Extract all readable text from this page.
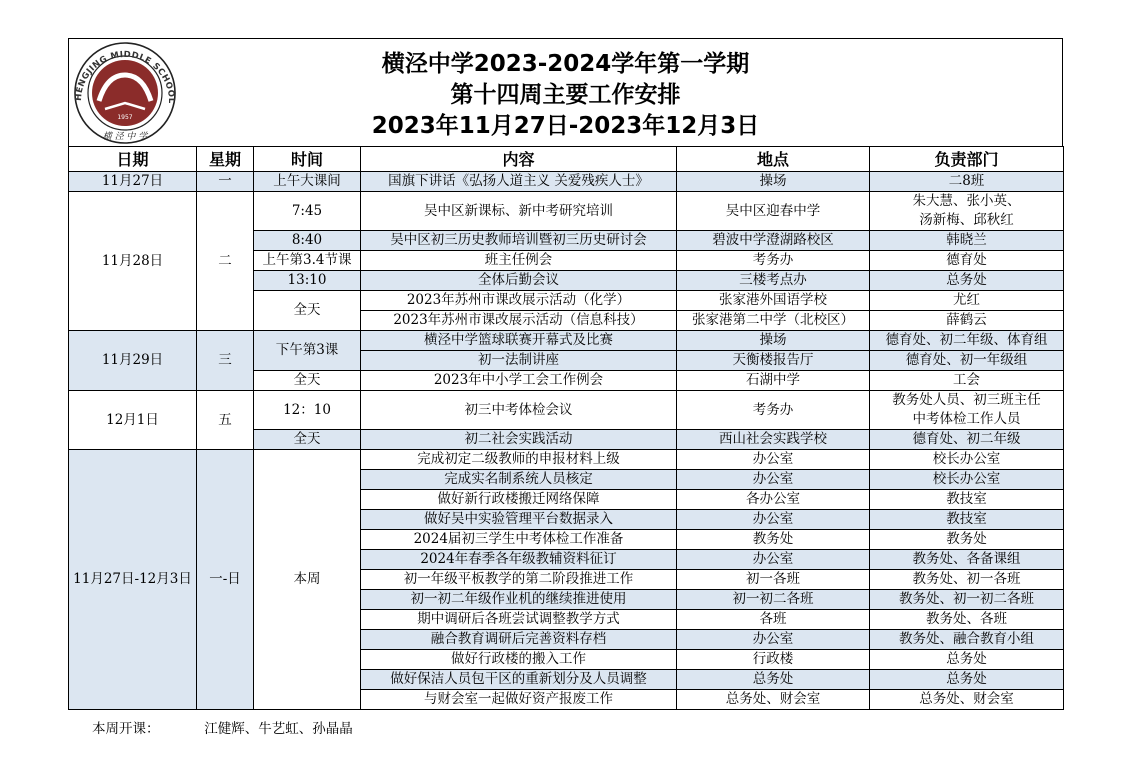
HENGJING MIDDLE SCHOOL
1957
横 泾 中 学
横泾中学2023-2024学年第一学期
第十四周主要工作安排
2023年11月27日-2023年12月3日
日期	星期	时间	内容	地点	负责部门
11月27日	一	上午大课间	国旗下讲话《弘扬人道主义 关爱残疾人士》	操场	二8班
11月28日	二	7:45	吴中区新课标、新中考研究培训	吴中区迎春中学	朱大慧、张小英、
汤新梅、邱秋红

		8:40	吴中区初三历史教师培训暨初三历史研讨会	碧波中学澄湖路校区	韩晓兰
		上午第3.4节课	班主任例会	考务办	德育处
		13:10	全体后勤会议	三楼考点办	总务处
		全天	2023年苏州市课改展示活动（化学）	张家港外国语学校	尤红
			2023年苏州市课改展示活动（信息科技）	张家港第二中学（北校区）	薛鹤云
11月29日	三	下午第3课	横泾中学篮球联赛开幕式及比赛	操场	德育处、初二年级、体育组
			初一法制讲座	天衡楼报告厅	德育处、初一年级组
		全天	2023年中小学工会工作例会	石湖中学	工会
12月1日	五	12：10	初三中考体检会议	考务办	教务处人员、初三班主任
中考体检工作人员

		全天	初二社会实践活动	西山社会实践学校	德育处、初二年级
11月27日-12月3日	一-日	本周	完成初定二级教师的申报材料上级	办公室	校长办公室
			完成实名制系统人员核定	办公室	校长办公室
			做好新行政楼搬迁网络保障	各办公室	教技室
			做好吴中实验管理平台数据录入	办公室	教技室
			2024届初三学生中考体检工作准备	教务处	教务处
			2024年春季各年级教辅资料征订	办公室	教务处、各备课组
			初一年级平板教学的第二阶段推进工作	初一各班	教务处、初一各班
			初一初二年级作业机的继续推进使用	初一初二各班	教务处、初一初二各班
			期中调研后各班尝试调整教学方式	各班	教务处、各班
			融合教育调研后完善资料存档	办公室	教务处、融合教育小组
			做好行政楼的搬入工作	行政楼	总务处
			做好保洁人员包干区的重新划分及人员调整	总务处	总务处
			与财会室一起做好资产报废工作	总务处、财会室	总务处、财会室
本周开课：	江健辉、牛艺虹、孙晶晶
